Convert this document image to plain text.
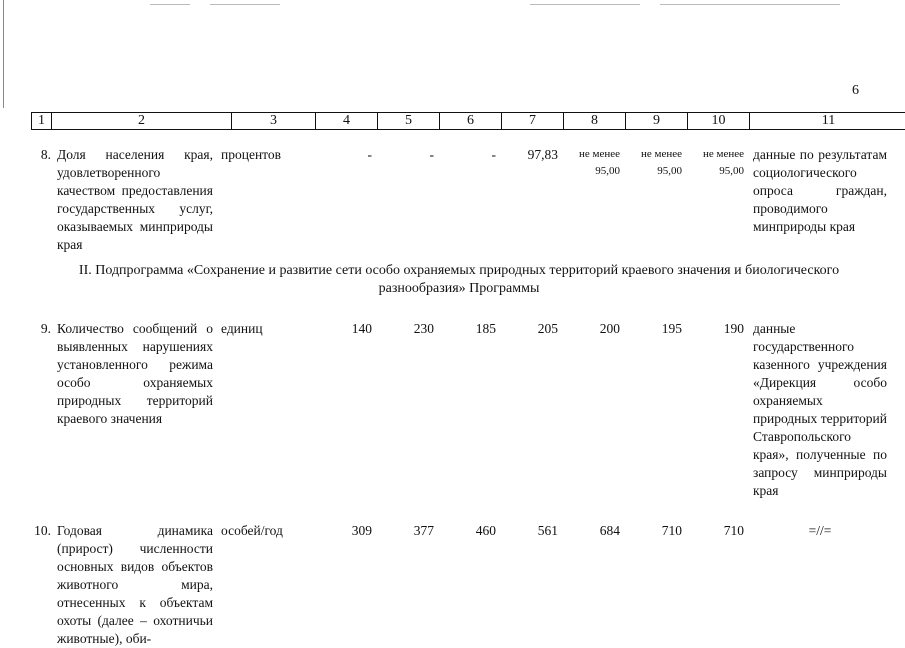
6
1	2	3	4	5	6	7	8	9	10	11
8.	Доля населения края, удовлетворенного качеством предоставления государственных услуг, оказываемых минприроды края	процентов	-	-	-	97,83	не менее 95,00	не менее 95,00	не менее 95,00	данные по результатам социологического опроса граждан, проводимого минприроды края
II. Подпрограмма «Сохранение и развитие сети особо охраняемых природных территорий краевого значения и биологического разнообразия» Программы										
9.	Количество сообщений о выявленных нарушениях установленного режима особо охраняемых природных территорий краевого значения	единиц	140	230	185	205	200	195	190	данные государственного казенного учреждения «Дирекция особо охраняемых природных территорий Ставропольского края», полученные по запросу минприроды края

10.	Годовая динамика (прирост) численности основных видов объектов животного мира, отнесенных к объектам охоты (далее – охотничьи животные), оби-	особей/год	309	377	460	561	684	710	710	=//=
